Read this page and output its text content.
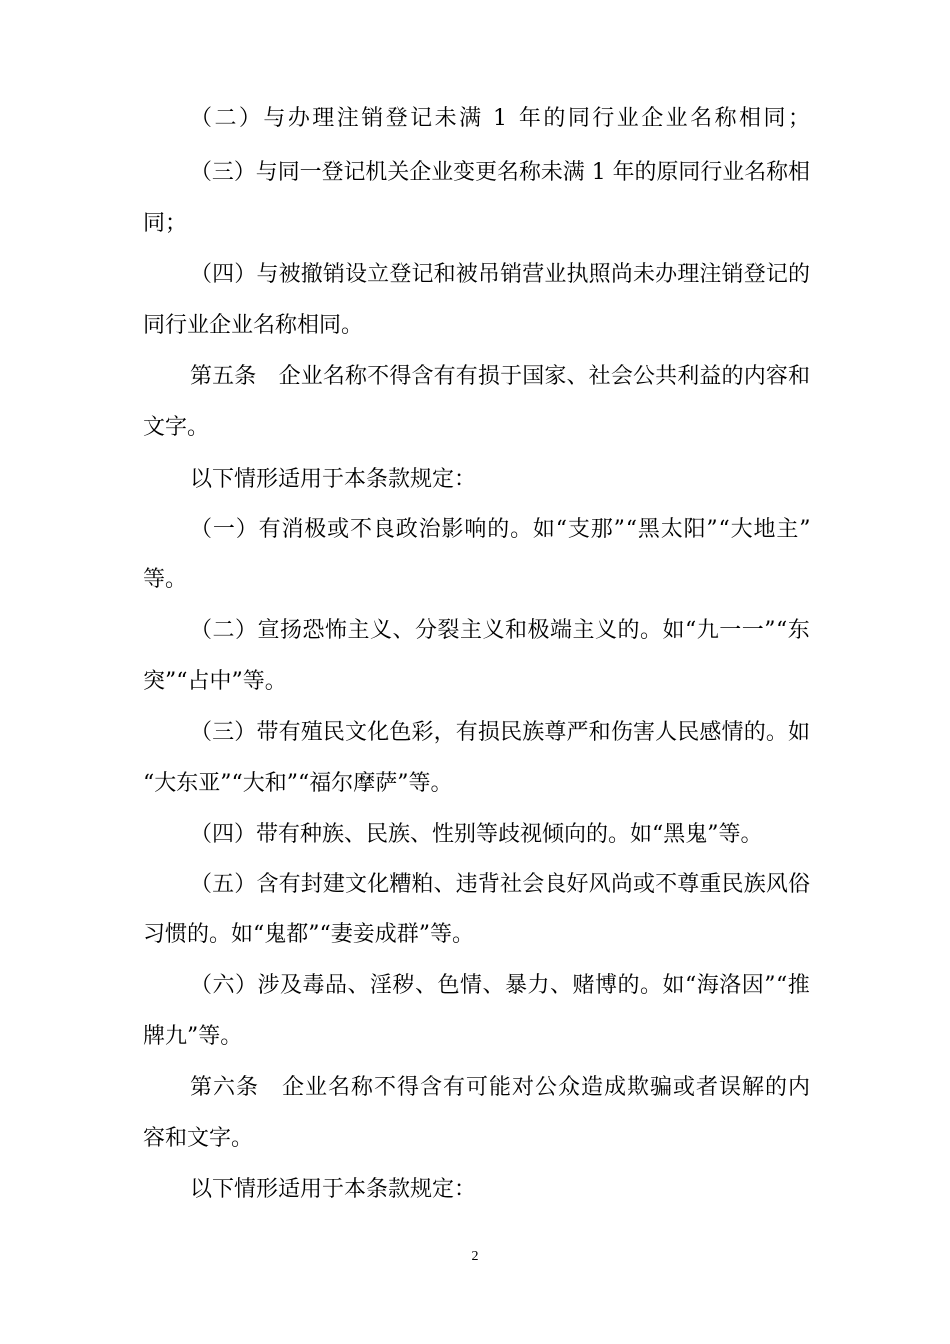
（二）与办理注销登记未满 1 年的同行业企业名称相同；
（三）与同一登记机关企业变更名称未满 1 年的原同行业名称相
同；
（四）与被撤销设立登记和被吊销营业执照尚未办理注销登记的
同行业企业名称相同。
第五条　企业名称不得含有有损于国家、社会公共利益的内容和
文字。
以下情形适用于本条款规定：
（一）有消极或不良政治影响的。如“支那”“黑太阳”“大地主”
等。
（二）宣扬恐怖主义、分裂主义和极端主义的。如“九一一”“东
突”“占中”等。
（三）带有殖民文化色彩，有损民族尊严和伤害人民感情的。如
“大东亚”“大和”“福尔摩萨”等。
（四）带有种族、民族、性别等歧视倾向的。如“黑鬼”等。
（五）含有封建文化糟粕、违背社会良好风尚或不尊重民族风俗
习惯的。如“鬼都”“妻妾成群”等。
（六）涉及毒品、淫秽、色情、暴力、赌博的。如“海洛因”“推
牌九”等。
第六条　企业名称不得含有可能对公众造成欺骗或者误解的内
容和文字。
以下情形适用于本条款规定：
2
